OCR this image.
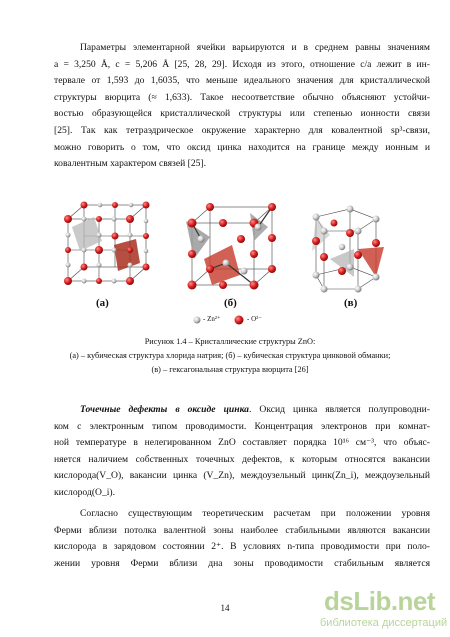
Параметры элементарной ячейки варьируются и в среднем равны значениям
a = 3,250 Å, c = 5,206 Å [25, 28, 29]. Исходя из этого, отношение c/a лежит в ин-
тервале от 1,593 до 1,6035, что меньше идеального значения для кристаллической
структуры вюрцита (≈ 1,633). Такое несоответствие обычно объясняют устойчи-
востью образующейся кристаллической структуры или степенью ионности связи
[25]. Так как тетраэдрическое окружение характерно для ковалентной sp³-связи,
можно говорить о том, что оксид цинка находится на границе между ионным и
ковалентным характером связей [25].
(а)	(б)	(в)
- Zn²⁺	- O²⁻
Рисунок 1.4 – Кристаллические структуры ZnO:
(а) – кубическая структура хлорида натрия; (б) – кубическая структура цинковой обманки;
(в) – гексагональная структура вюрцита [26]
Точечные дефекты в оксиде цинка. Оксид цинка является полупроводни-
ком с электронным типом проводимости. Концентрация электронов при комнат-
ной температуре в нелегированном ZnO составляет порядка 10¹⁶ см⁻³, что объяс-
няется наличием собственных точечных дефектов, к которым относятся вакансии
кислорода(V_O), вакансии цинка (V_Zn), междоузельный цинк(Zn_i), междоузельный
кислород(O_i).
Согласно существующим теоретическим расчетам при положении уровня
Ферми вблизи потолка валентной зоны наиболее стабильными являются вакансии
кислорода в зарядовом состоянии 2⁺. В условиях n-типа проводимости при поло-
жении уровня Ферми вблизи дна зоны проводимости стабильным является
14	dsLib.net
библиотека диссертаций
